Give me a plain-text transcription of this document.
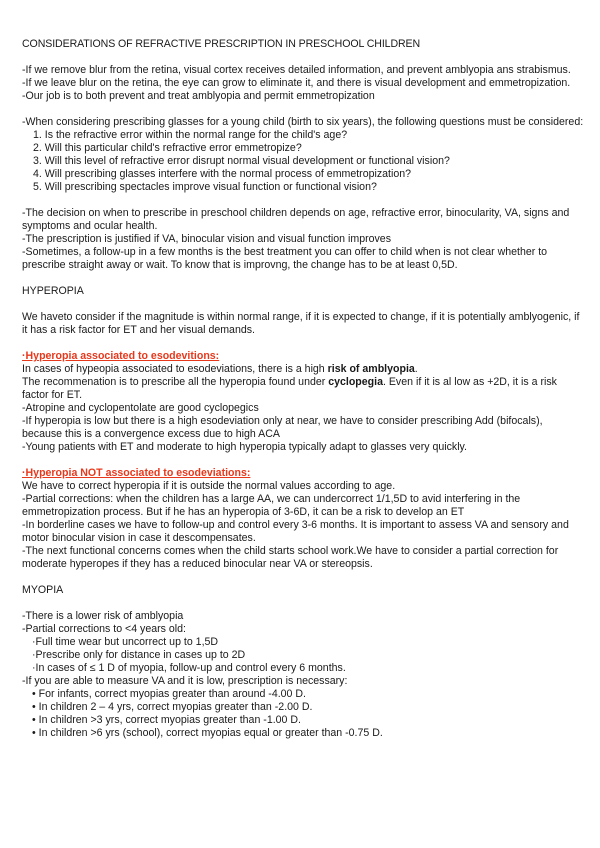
CONSIDERATIONS OF REFRACTIVE PRESCRIPTION IN PRESCHOOL CHILDREN

-If we remove blur from the retina, visual cortex receives detailed information, and prevent amblyopia ans strabismus.

-If we leave blur on the retina, the eye can grow to eliminate it, and there is visual development and emmetropization.

-Our job is to both prevent and treat amblyopia and permit emmetropization

-When considering prescribing glasses for a young child (birth to six years), the following questions must be considered:

1. Is the refractive error within the normal range for the child's age?
2. Will this particular child's refractive error emmetropize?
3. Will this level of refractive error disrupt normal visual development or functional vision?
4. Will prescribing glasses interfere with the normal process of emmetropization?
5. Will prescribing spectacles improve visual function or functional vision?

-The decision on when to prescribe in preschool children depends on age, refractive error, binocularity, VA, signs and symptoms and ocular health.

-The prescription is justified if VA, binocular vision and visual function improves

-Sometimes, a follow-up in a few months is the best treatment you can offer to child when is not clear whether to prescribe straight away or wait. To know that is improvng, the change has to be at least 0,5D.

HYPEROPIA

We haveto consider if the magnitude is within normal range, if it is expected to change, if it is potentially amblyogenic, if it has a risk factor for ET and her visual demands.

·Hyperopia associated to esodevitions:

In cases of hypeopia associated to esodeviations, there is a high risk of amblyopia.

The recommenation is to prescribe all the hyperopia found under cyclopegia. Even if it is al low as +2D, it is a risk factor for ET.

-Atropine and cyclopentolate are good cyclopegics

-If hyperopia is low but there is a high esodeviation only at near, we have to consider prescribing Add (bifocals), because this is a convergence excess due to high ACA

-Young patients with ET and moderate to high hyperopia typically adapt to glasses very quickly.

·Hyperopia NOT associated to esodeviations:

We have to correct hyperopia if it is outside the normal values according to age.

-Partial corrections: when the children has a large AA, we can undercorrect 1/1,5D to avid interfering in the emmetropization process. But if he has an hyperopia of 3-6D, it can be a risk to develop an ET

-In borderline cases we have to follow-up and control every 3-6 months. It is important to assess VA and sensory and motor binocular vision in case it descompensates.

-The next functional concerns comes when the child starts school work.We have to consider a partial correction for moderate hyperopes if they has a reduced binocular near VA or stereopsis.

MYOPIA

-There is a lower risk of amblyopia

-Partial corrections to <4 years old:

·Full time wear but uncorrect up to 1,5D

·Prescribe only for distance in cases up to 2D

·In cases of ≤ 1 D of myopia, follow-up and control every 6 months.

-If you are able to measure VA and it is low, prescription is necessary:

• For infants, correct myopias greater than around -4.00 D.
• In children 2 – 4 yrs, correct myopias greater than -2.00 D.
• In children >3 yrs, correct myopias greater than -1.00 D.
• In children >6 yrs (school), correct myopias equal or greater than -0.75 D.
